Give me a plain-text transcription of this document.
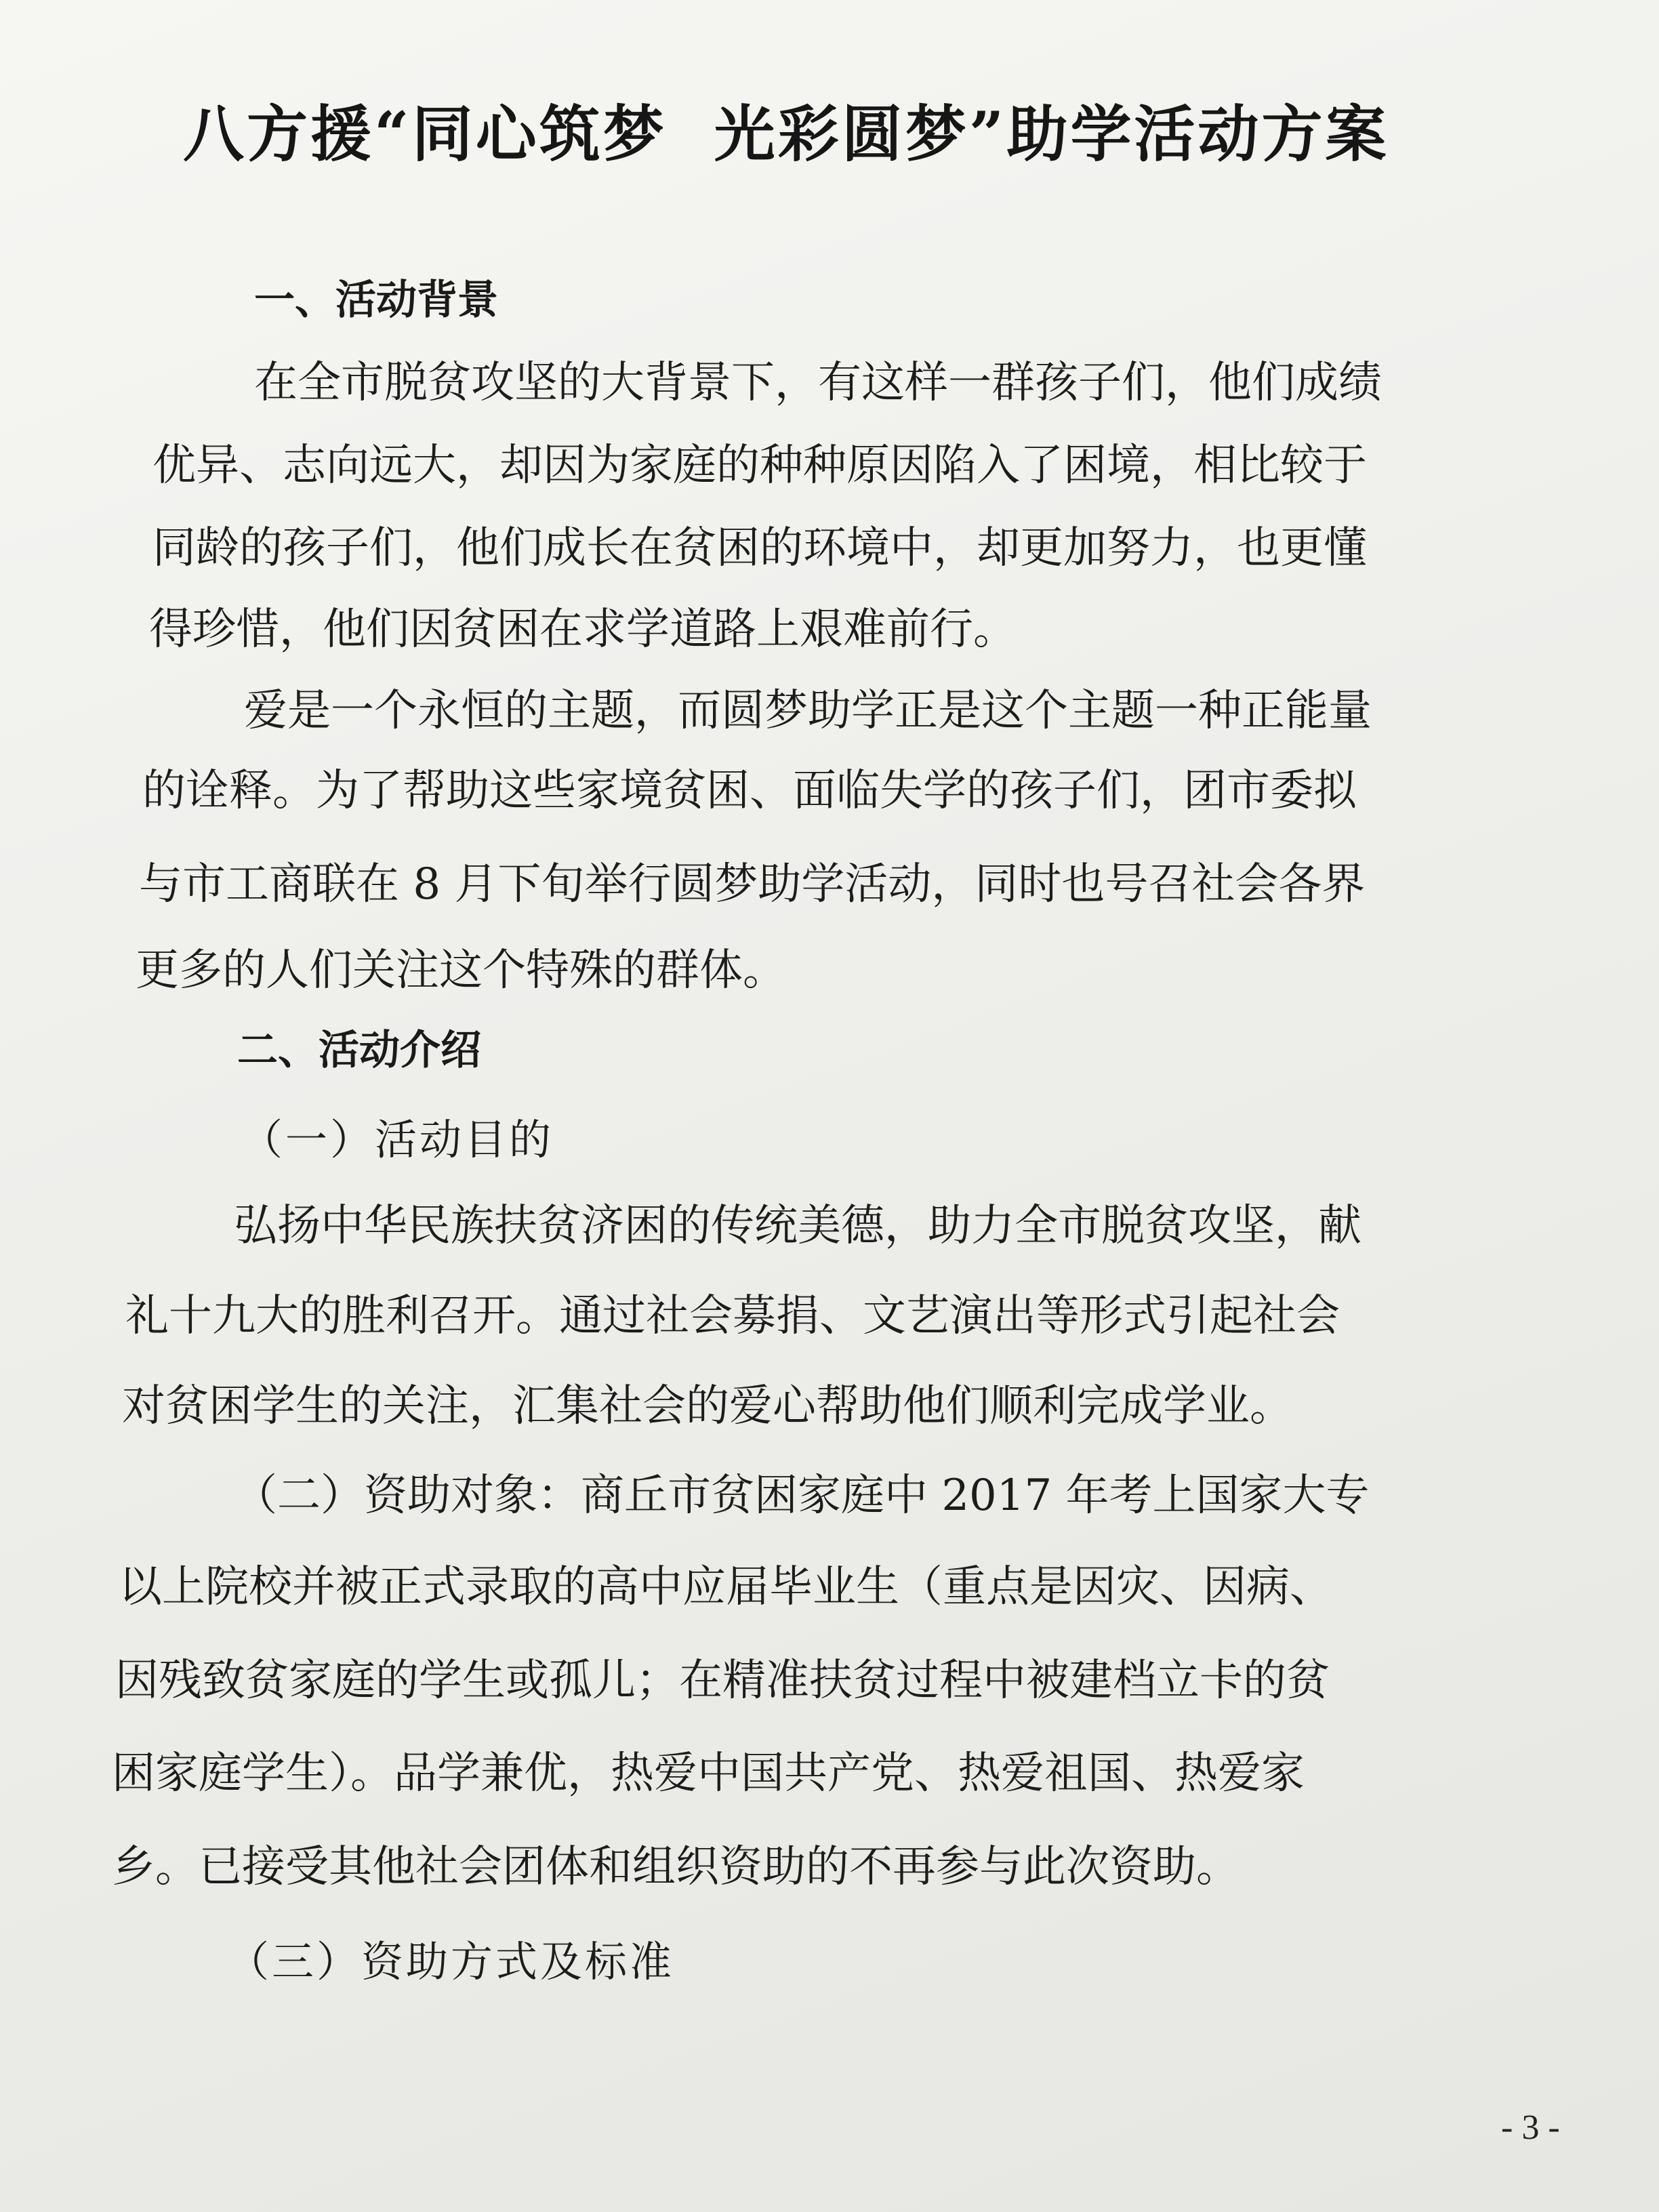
八方援“同心筑梦 光彩圆梦”助学活动方案
一、活动背景
在全市脱贫攻坚的大背景下，有这样一群孩子们，他们成绩
优异、志向远大，却因为家庭的种种原因陷入了困境，相比较于
同龄的孩子们，他们成长在贫困的环境中，却更加努力，也更懂
得珍惜，他们因贫困在求学道路上艰难前行。
爱是一个永恒的主题，而圆梦助学正是这个主题一种正能量
的诠释。为了帮助这些家境贫困、面临失学的孩子们，团市委拟
与市工商联在 8 月下旬举行圆梦助学活动，同时也号召社会各界
更多的人们关注这个特殊的群体。
二、活动介绍
（一）活动目的
弘扬中华民族扶贫济困的传统美德，助力全市脱贫攻坚，献
礼十九大的胜利召开。通过社会募捐、文艺演出等形式引起社会
对贫困学生的关注，汇集社会的爱心帮助他们顺利完成学业。
（二）资助对象：商丘市贫困家庭中 2017 年考上国家大专
以上院校并被正式录取的高中应届毕业生（重点是因灾、因病、
因残致贫家庭的学生或孤儿；在精准扶贫过程中被建档立卡的贫
困家庭学生）。品学兼优，热爱中国共产党、热爱祖国、热爱家
乡。已接受其他社会团体和组织资助的不再参与此次资助。
（三）资助方式及标准
- 3 -
